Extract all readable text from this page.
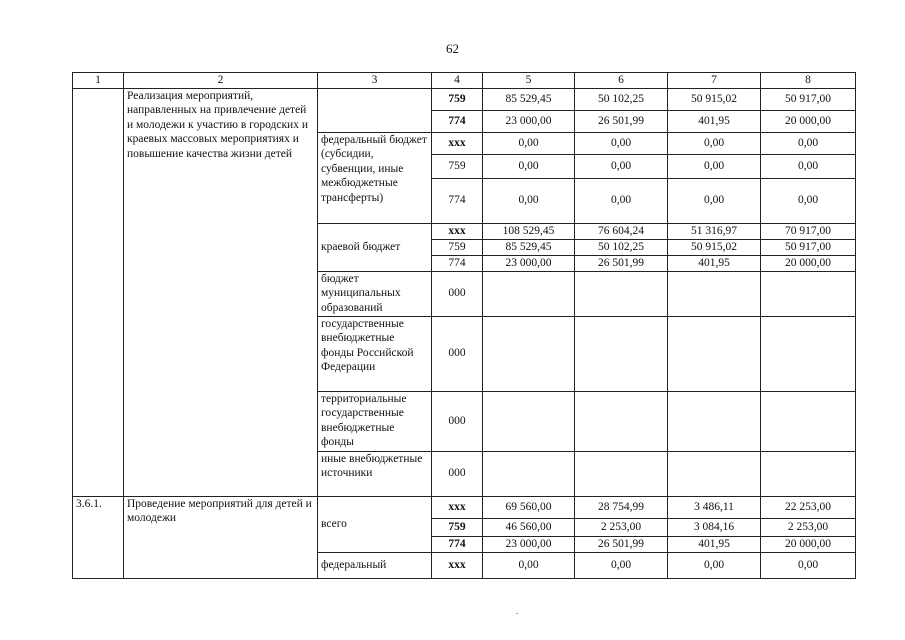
62
1	2	3	4	5	6	7	8
	Реализация мероприятий, направленных на привлечение детей и молодежи к участию в городских и краевых массовых мероприятиях и повышение качества жизни детей		759	85 529,45	50 102,25	50 915,02	50 917,00
			774	23 000,00	26 501,99	401,95	20 000,00
		федеральный бюджет (субсидии, субвенции, иные межбюджетные трансферты)	ххх	0,00	0,00	0,00	0,00
			759	0,00	0,00	0,00	0,00
			774	0,00	0,00	0,00	0,00
		краевой бюджет	ххх	108 529,45	76 604,24	51 316,97	70 917,00
			759	85 529,45	50 102,25	50 915,02	50 917,00
			774	23 000,00	26 501,99	401,95	20 000,00
		бюджет муниципальных образований	000				
		государственные внебюджетные фонды Российской Федерации	000				
		территориальные государственные внебюджетные фонды	000				
		иные внебюджетные источники	000				
3.6.1.	Проведение мероприятий для детей и молодежи	всего	ххх	69 560,00	28 754,99	3 486,11	22 253,00
			759	46 560,00	2 253,00	3 084,16	2 253,00
			774	23 000,00	26 501,99	401,95	20 000,00
		федеральный	ххх	0,00	0,00	0,00	0,00
